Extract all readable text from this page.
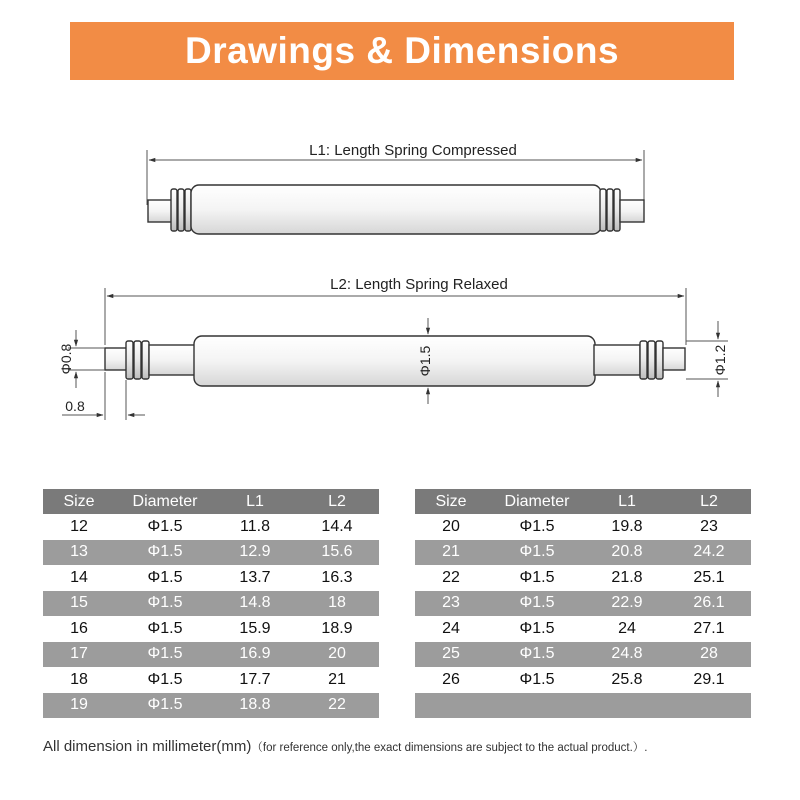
Drawings & Dimensions
L1: Length Spring Compressed
L2: Length Spring Relaxed
Φ0.8
0.8
Φ1.5	Φ1.2
Size	Diameter	L1	L2
12	Φ1.5	11.8	14.4
13	Φ1.5	12.9	15.6
14	Φ1.5	13.7	16.3
15	Φ1.5	14.8	18
16	Φ1.5	15.9	18.9
17	Φ1.5	16.9	20
18	Φ1.5	17.7	21
19	Φ1.5	18.8	22
Size	Diameter	L1	L2
20	Φ1.5	19.8	23
21	Φ1.5	20.8	24.2
22	Φ1.5	21.8	25.1
23	Φ1.5	22.9	26.1
24	Φ1.5	24	27.1
25	Φ1.5	24.8	28
26	Φ1.5	25.8	29.1

All dimension in millimeter(mm)（for reference only,the exact dimensions are subject to the actual product.）.
